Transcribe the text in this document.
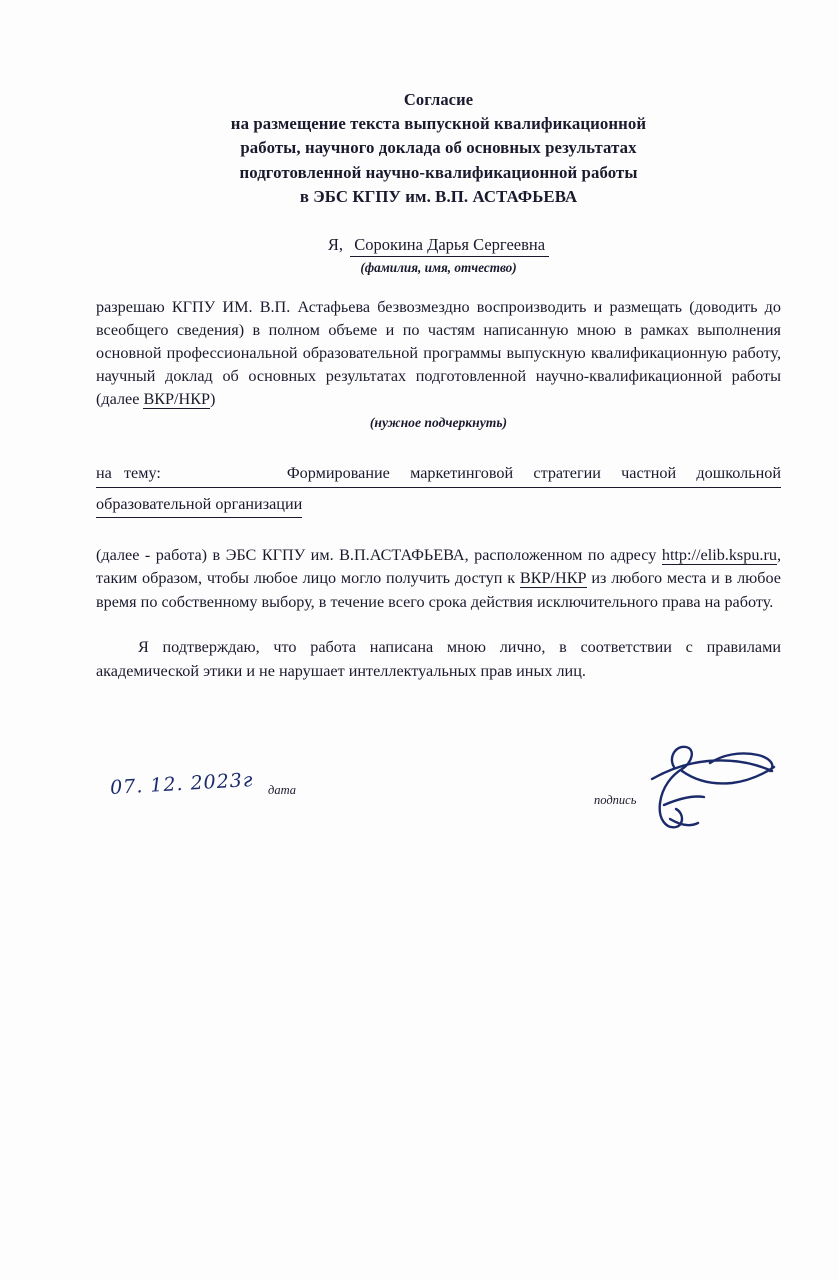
Согласие
на размещение текста выпускной квалификационной
работы, научного доклада об основных результатах
подготовленной научно-квалификационной работы
в ЭБС КГПУ им. В.П. АСТАФЬЕВА
Я, Сорокина Дарья Сергеевна
(фамилия, имя, отчество)
разрешаю КГПУ ИМ. В.П. Астафьева безвозмездно воспроизводить и размещать (доводить до всеобщего сведения) в полном объеме и по частям написанную мною в рамках выполнения основной профессиональной образовательной программы выпускную квалификационную работу, научный доклад об основных результатах подготовленной научно-квалификационной работы (далее ВКР/НКР)
(нужное подчеркнуть)
на   тему:	Формирование     маркетинговой     стратегии     частной     дошкольной
образовательной организации
(далее - работа) в ЭБС КГПУ им. В.П.АСТАФЬЕВА, расположенном по адресу http://elib.kspu.ru, таким образом, чтобы любое лицо могло получить доступ к ВКР/НКР из любого места и в любое время по собственному выбору, в течение всего срока действия исключительного права на работу.
Я подтверждаю, что работа написана мною лично, в соответствии с правилами академической этики и не нарушает интеллектуальных прав иных лиц.
07. 12. 2023г дата
подпись
